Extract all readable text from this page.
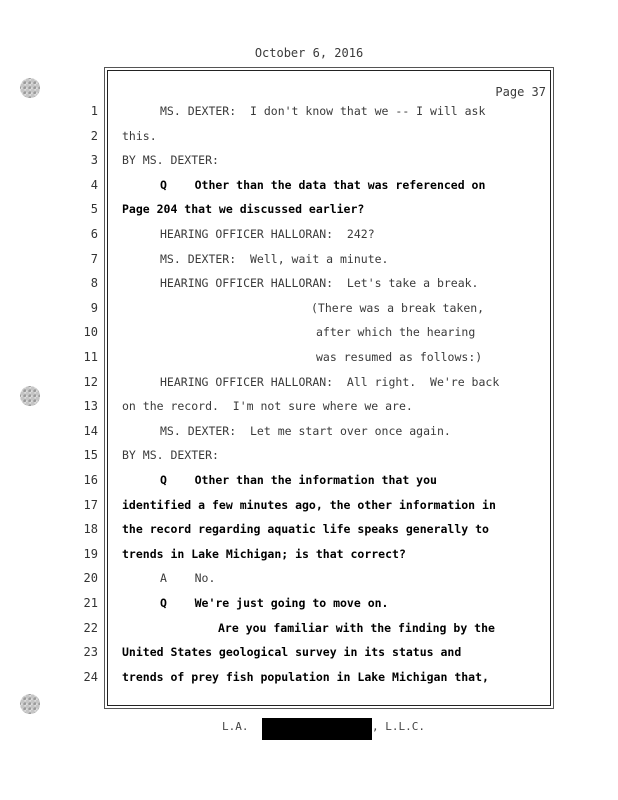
October 6, 2016
Page 37
1	MS. DEXTER:  I don't know that we -- I will ask
2 this.
3 BY MS. DEXTER:
4	Q    Other than the data that was referenced on
5 Page 204 that we discussed earlier?
6	HEARING OFFICER HALLORAN:  242?
7	MS. DEXTER:  Well, wait a minute.
8	HEARING OFFICER HALLORAN:  Let's take a break.
9	(There was a break taken,
10	after which the hearing
11	was resumed as follows:)
12	HEARING OFFICER HALLORAN:  All right.  We're back
13 on the record.  I'm not sure where we are.
14	MS. DEXTER:  Let me start over once again.
15 BY MS. DEXTER:
16	Q    Other than the information that you
17 identified a few minutes ago, the other information in
18 the record regarding aquatic life speaks generally to
19 trends in Lake Michigan; is that correct?
20	A    No.
21	Q    We're just going to move on.
22	Are you familiar with the finding by the
23 United States geological survey in its status and
24 trends of prey fish population in Lake Michigan that,
L.A.	, L.L.C.
